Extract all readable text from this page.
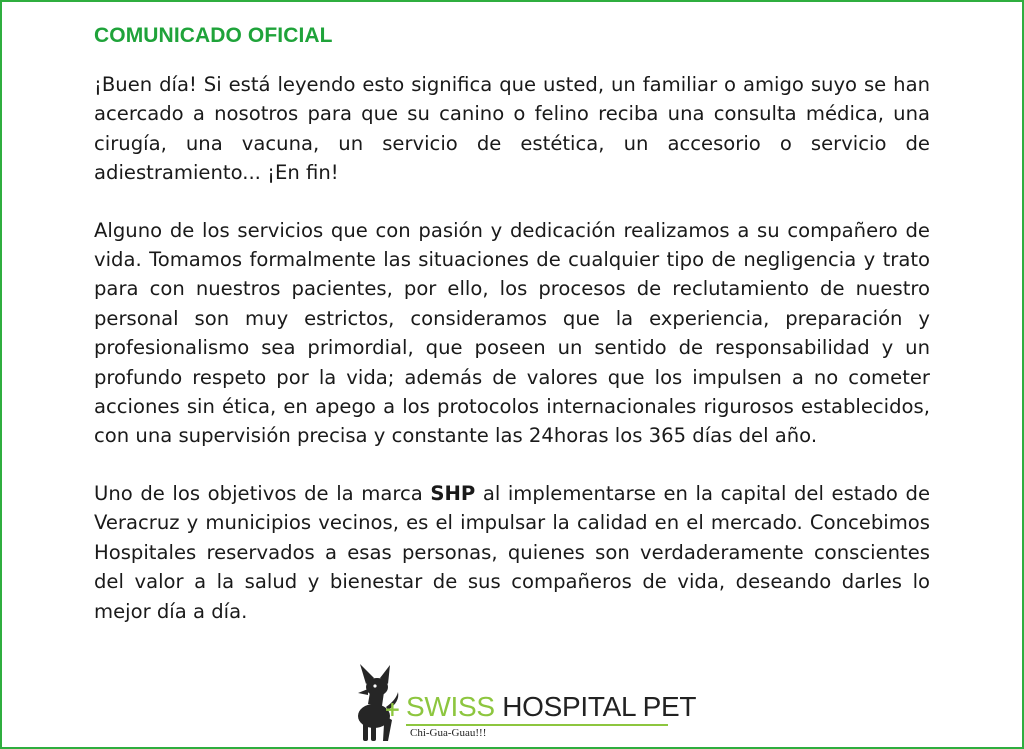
COMUNICADO OFICIAL

¡Buen día! Si está leyendo esto significa que usted, un familiar o amigo suyo se han acercado a nosotros para que su canino o felino reciba una consulta médica, una cirugía, una vacuna, un servicio de estética, un accesorio o servicio de adiestramiento... ¡En fin!

Alguno de los servicios que con pasión y dedicación realizamos a su compañero de vida. Tomamos formalmente las situaciones de cualquier tipo de negligencia y trato para con nuestros pacientes, por ello, los procesos de reclutamiento de nuestro personal son muy estrictos, consideramos que la experiencia, preparación y profesionalismo sea primordial, que poseen un sentido de responsabilidad y un profundo respeto por la vida; además de valores que los impulsen a no cometer acciones sin ética, en apego a los protocolos internacionales rigurosos establecidos, con una supervisión precisa y constante las 24horas los 365 días del año.

Uno de los objetivos de la marca SHP al implementarse en la capital del estado de Veracruz y municipios vecinos, es el impulsar la calidad en el mercado. Concebimos Hospitales reservados a esas personas, quienes son verdaderamente conscientes del valor a la salud y bienestar de sus compañeros de vida, deseando darles lo mejor día a día.

+ SWISS HOSPITAL PET
Chi-Gua-Guau!!!
